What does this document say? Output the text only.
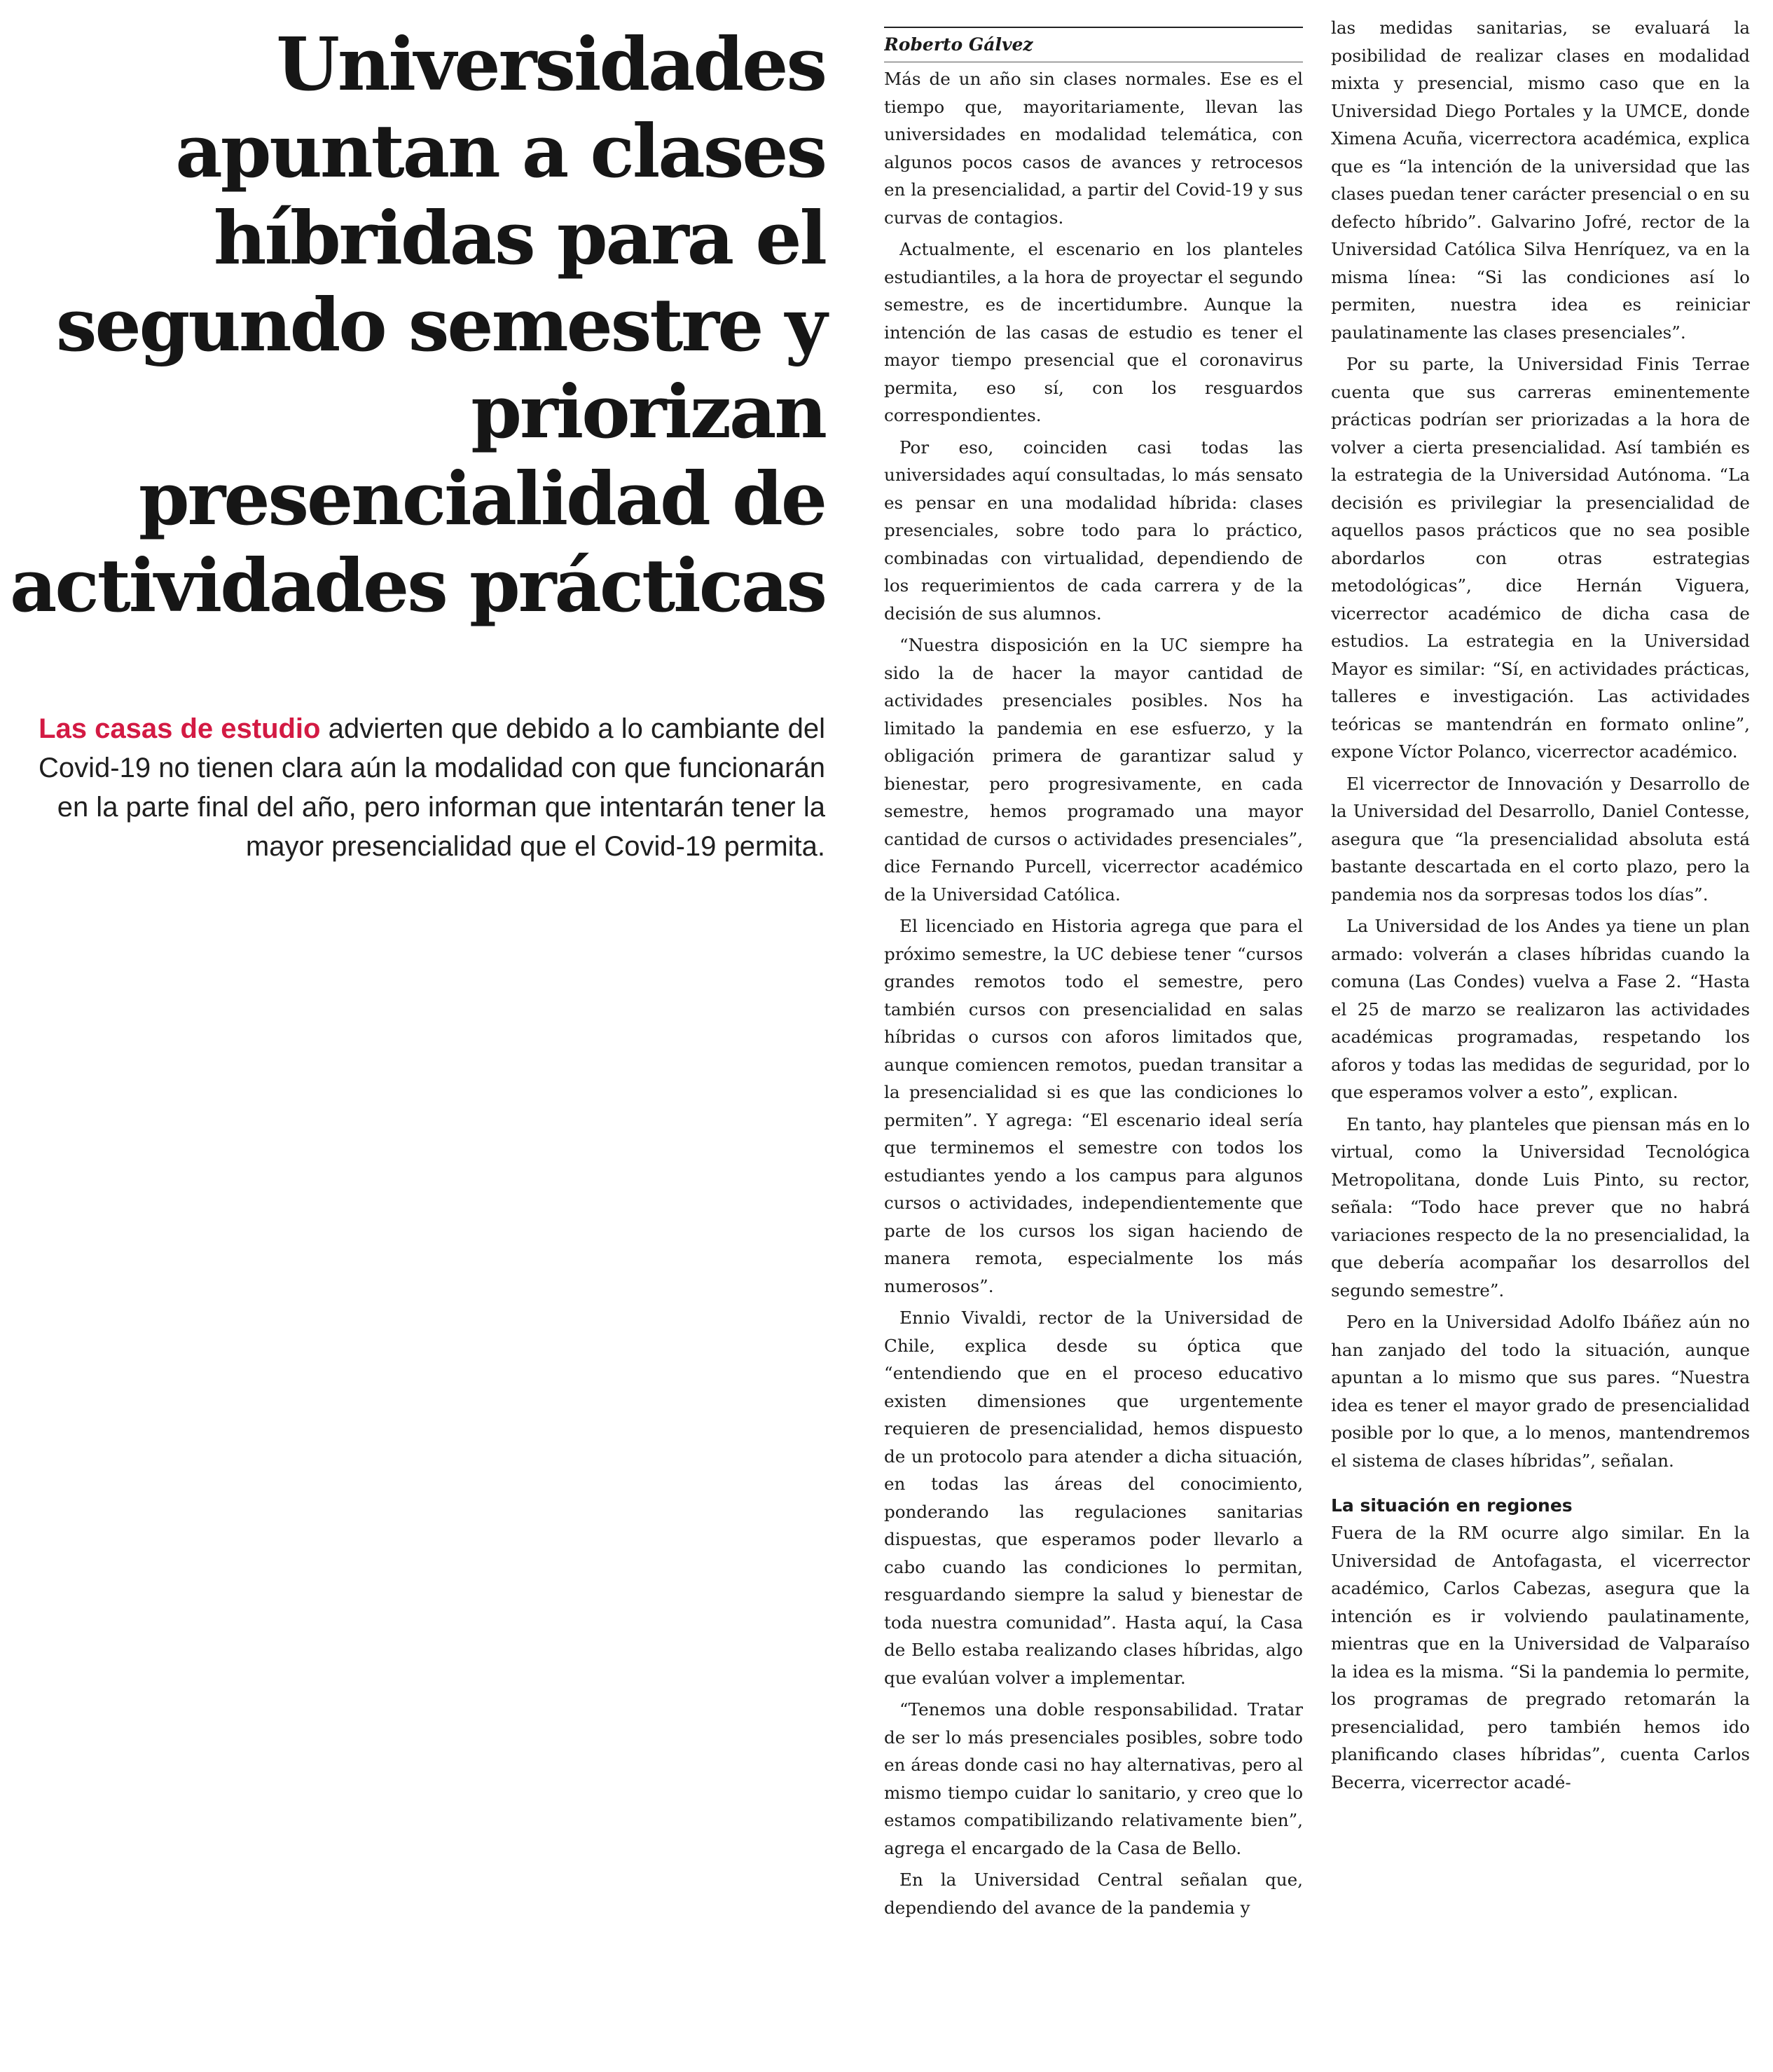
Universidades apuntan a clases híbridas para el segundo semestre y priorizan presencialidad de actividades prácticas

Las casas de estudio advierten que debido a lo cambiante del Covid-19 no tienen clara aún la modalidad con que funcionarán en la parte final del año, pero informan que intentarán tener la mayor presencialidad que el Covid-19 permita.

Roberto Gálvez

Más de un año sin clases normales. Ese es el tiempo que, mayoritariamente, llevan las universidades en modalidad telemática, con algunos pocos casos de avances y retrocesos en la presencialidad, a partir del Covid-19 y sus curvas de contagios.

Actualmente, el escenario en los planteles estudiantiles, a la hora de proyectar el segundo semestre, es de incertidumbre. Aunque la intención de las casas de estudio es tener el mayor tiempo presencial que el coronavirus permita, eso sí, con los resguardos correspondientes.

Por eso, coinciden casi todas las universidades aquí consultadas, lo más sensato es pensar en una modalidad híbrida: clases presenciales, sobre todo para lo práctico, combinadas con virtualidad, dependiendo de los requerimientos de cada carrera y de la decisión de sus alumnos.

“Nuestra disposición en la UC siempre ha sido la de hacer la mayor cantidad de actividades presenciales posibles. Nos ha limitado la pandemia en ese esfuerzo, y la obligación primera de garantizar salud y bienestar, pero progresivamente, en cada semestre, hemos programado una mayor cantidad de cursos o actividades presenciales”, dice Fernando Purcell, vicerrector académico de la Universidad Católica.

El licenciado en Historia agrega que para el próximo semestre, la UC debiese tener “cursos grandes remotos todo el semestre, pero también cursos con presencialidad en salas híbridas o cursos con aforos limitados que, aunque comiencen remotos, puedan transitar a la presencialidad si es que las condiciones lo permiten”. Y agrega: “El escenario ideal sería que terminemos el semestre con todos los estudiantes yendo a los campus para algunos cursos o actividades, independientemente que parte de los cursos los sigan haciendo de manera remota, especialmente los más numerosos”.

Ennio Vivaldi, rector de la Universidad de Chile, explica desde su óptica que “entendiendo que en el proceso educativo existen dimensiones que urgentemente requieren de presencialidad, hemos dispuesto de un protocolo para atender a dicha situación, en todas las áreas del conocimiento, ponderando las regulaciones sanitarias dispuestas, que esperamos poder llevarlo a cabo cuando las condiciones lo permitan, resguardando siempre la salud y bienestar de toda nuestra comunidad”. Hasta aquí, la Casa de Bello estaba realizando clases híbridas, algo que evalúan volver a implementar.

“Tenemos una doble responsabilidad. Tratar de ser lo más presenciales posibles, sobre todo en áreas donde casi no hay alternativas, pero al mismo tiempo cuidar lo sanitario, y creo que lo estamos compatibilizando relativamente bien”, agrega el encargado de la Casa de Bello.

En la Universidad Central señalan que, dependiendo del avance de la pandemia y

las medidas sanitarias, se evaluará la posibilidad de realizar clases en modalidad mixta y presencial, mismo caso que en la Universidad Diego Portales y la UMCE, donde Ximena Acuña, vicerrectora académica, explica que es “la intención de la universidad que las clases puedan tener carácter presencial o en su defecto híbrido”. Galvarino Jofré, rector de la Universidad Católica Silva Henríquez, va en la misma línea: “Si las condiciones así lo permiten, nuestra idea es reiniciar paulatinamente las clases presenciales”.

Por su parte, la Universidad Finis Terrae cuenta que sus carreras eminentemente prácticas podrían ser priorizadas a la hora de volver a cierta presencialidad. Así también es la estrategia de la Universidad Autónoma. “La decisión es privilegiar la presencialidad de aquellos pasos prácticos que no sea posible abordarlos con otras estrategias metodológicas”, dice Hernán Viguera, vicerrector académico de dicha casa de estudios. La estrategia en la Universidad Mayor es similar: “Sí, en actividades prácticas, talleres e investigación. Las actividades teóricas se mantendrán en formato online”, expone Víctor Polanco, vicerrector académico.

El vicerrector de Innovación y Desarrollo de la Universidad del Desarrollo, Daniel Contesse, asegura que “la presencialidad absoluta está bastante descartada en el corto plazo, pero la pandemia nos da sorpresas todos los días”.

La Universidad de los Andes ya tiene un plan armado: volverán a clases híbridas cuando la comuna (Las Condes) vuelva a Fase 2. “Hasta el 25 de marzo se realizaron las actividades académicas programadas, respetando los aforos y todas las medidas de seguridad, por lo que esperamos volver a esto”, explican.

En tanto, hay planteles que piensan más en lo virtual, como la Universidad Tecnológica Metropolitana, donde Luis Pinto, su rector, señala: “Todo hace prever que no habrá variaciones respecto de la no presencialidad, la que debería acompañar los desarrollos del segundo semestre”.

Pero en la Universidad Adolfo Ibáñez aún no han zanjado del todo la situación, aunque apuntan a lo mismo que sus pares. “Nuestra idea es tener el mayor grado de presencialidad posible por lo que, a lo menos, mantendremos el sistema de clases híbridas”, señalan.

La situación en regiones

Fuera de la RM ocurre algo similar. En la Universidad de Antofagasta, el vicerrector académico, Carlos Cabezas, asegura que la intención es ir volviendo paulatinamente, mientras que en la Universidad de Valparaíso la idea es la misma. “Si la pandemia lo permite, los programas de pregrado retomarán la presencialidad, pero también hemos ido planificando clases híbridas”, cuenta Carlos Becerra, vicerrector acadé-
